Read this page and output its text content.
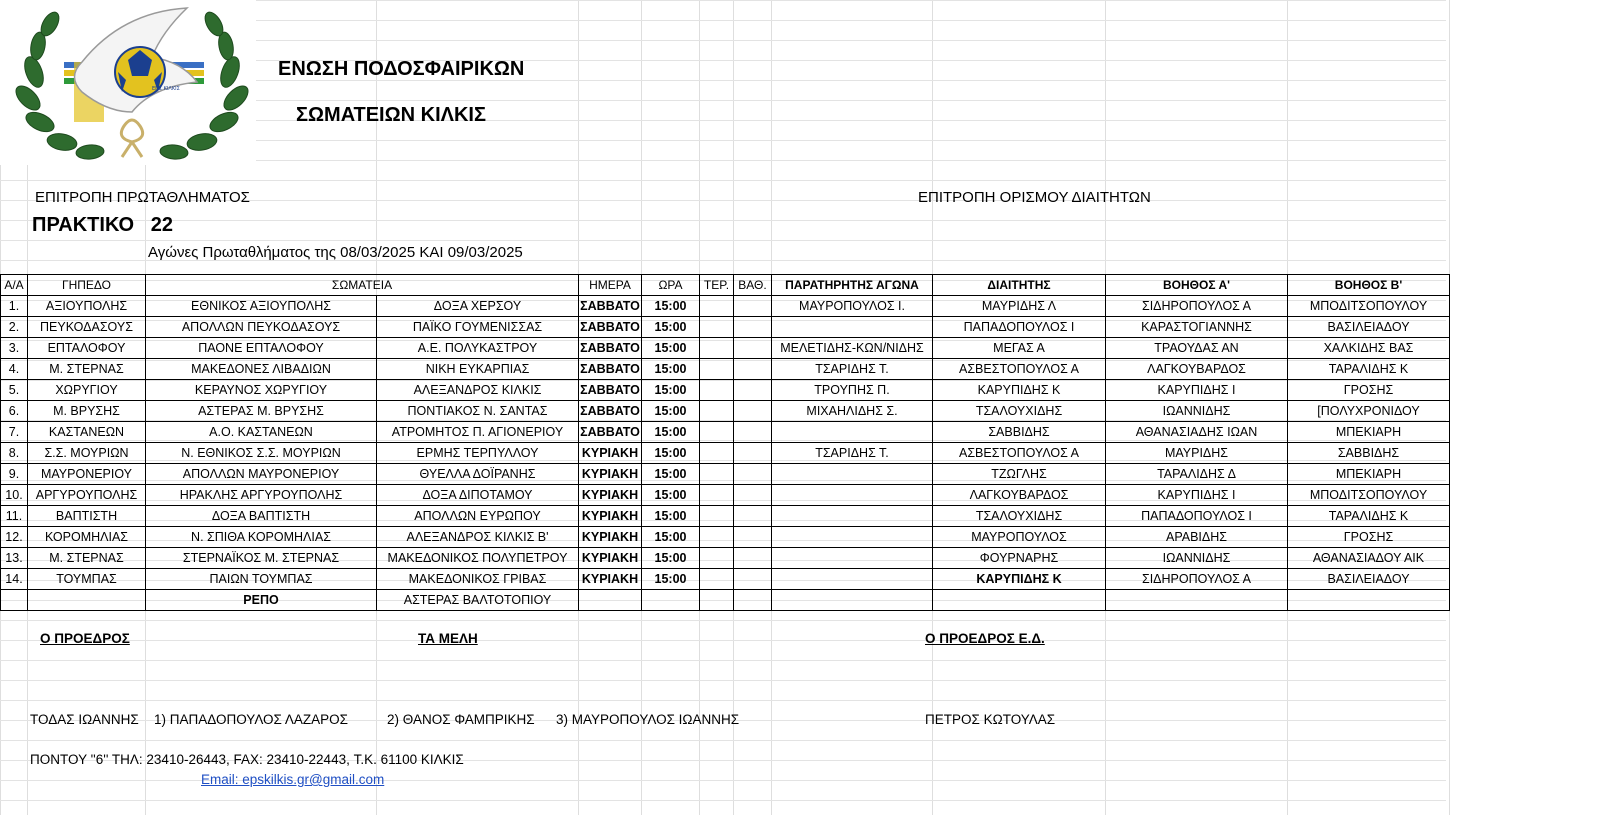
ΕΠΣ ΚΙΛΚΙΣ
ΕΝΩΣΗ ΠΟΔΟΣΦΑΙΡΙΚΩΝ
ΣΩΜΑΤΕΙΩΝ ΚΙΛΚΙΣ
ΕΠΙΤΡΟΠΗ ΠΡΩΤΑΘΛΗΜΑΤΟΣ	ΕΠΙΤΡΟΠΗ ΟΡΙΣΜΟΥ ΔΙΑΙΤΗΤΩΝ
ΠΡΑΚΤΙΚΟ 22
Αγώνες Πρωταθλήματος της 08/03/2025 ΚΑΙ 09/03/2025
Α/Α	ΓΗΠΕΔΟ	ΣΩΜΑΤΕΙΑ		ΗΜΕΡΑ	ΩΡΑ	ΤΕΡ.	ΒΑΘ.	ΠΑΡΑΤΗΡΗΤΗΣ ΑΓΩΝΑ	ΔΙΑΙΤΗΤΗΣ	ΒΟΗΘΟΣ Α'	ΒΟΗΘΟΣ Β'
1.	ΑΞΙΟΥΠΟΛΗΣ	ΕΘΝΙΚΟΣ ΑΞΙΟΥΠΟΛΗΣ	ΔΟΞΑ ΧΕΡΣΟΥ	ΣΑΒΒΑΤΟ	15:00			ΜΑΥΡΟΠΟΥΛΟΣ Ι.	ΜΑΥΡΙΔΗΣ Λ	ΣΙΔΗΡΟΠΟΥΛΟΣ Α	ΜΠΟΔΙΤΣΟΠΟΥΛΟΥ
2.	ΠΕΥΚΟΔΑΣΟΥΣ	ΑΠΟΛΛΩΝ ΠΕΥΚΟΔΑΣΟΥΣ	ΠΑΪΚΟ ΓΟΥΜΕΝΙΣΣΑΣ	ΣΑΒΒΑΤΟ	15:00				ΠΑΠΑΔΟΠΟΥΛΟΣ Ι	ΚΑΡΑΣΤΟΓΙΑΝΝΗΣ	ΒΑΣΙΛΕΙΑΔΟΥ
3.	ΕΠΤΑΛΟΦΟΥ	ΠΑΟΝΕ ΕΠΤΑΛΟΦΟΥ	Α.Ε. ΠΟΛΥΚΑΣΤΡΟΥ	ΣΑΒΒΑΤΟ	15:00			ΜΕΛΕΤΙΔΗΣ-ΚΩΝ/ΝΙΔΗΣ	ΜΕΓΑΣ Α	ΤΡΑΟΥΔΑΣ ΑΝ	ΧΑΛΚΙΔΗΣ ΒΑΣ
4.	Μ. ΣΤΕΡΝΑΣ	ΜΑΚΕΔΟΝΕΣ ΛΙΒΑΔΙΩΝ	ΝΙΚΗ ΕΥΚΑΡΠΙΑΣ	ΣΑΒΒΑΤΟ	15:00			ΤΣΑΡΙΔΗΣ Τ.	ΑΣΒΕΣΤΟΠΟΥΛΟΣ Α	ΛΑΓΚΟΥΒΑΡΔΟΣ	ΤΑΡΑΛΙΔΗΣ Κ
5.	ΧΩΡΥΓΙΟΥ	ΚΕΡΑΥΝΟΣ ΧΩΡΥΓΙΟΥ	ΑΛΕΞΑΝΔΡΟΣ ΚΙΛΚΙΣ	ΣΑΒΒΑΤΟ	15:00			ΤΡΟΥΠΗΣ Π.	ΚΑΡΥΠΙΔΗΣ Κ	ΚΑΡΥΠΙΔΗΣ Ι	ΓΡΟΣΗΣ
6.	Μ. ΒΡΥΣΗΣ	ΑΣΤΕΡΑΣ Μ. ΒΡΥΣΗΣ	ΠΟΝΤΙΑΚΟΣ Ν. ΣΑΝΤΑΣ	ΣΑΒΒΑΤΟ	15:00			ΜΙΧΑΗΛΙΔΗΣ Σ.	ΤΣΑΛΟΥΧΙΔΗΣ	ΙΩΑΝΝΙΔΗΣ	[ΠΟΛΥΧΡΟΝΙΔΟΥ
7.	ΚΑΣΤΑΝΕΩΝ	Α.Ο. ΚΑΣΤΑΝΕΩΝ	ΑΤΡΟΜΗΤΟΣ Π. ΑΓΙΟΝΕΡΙΟΥ	ΣΑΒΒΑΤΟ	15:00				ΣΑΒΒΙΔΗΣ	ΑΘΑΝΑΣΙΑΔΗΣ ΙΩΑΝ	ΜΠΕΚΙΑΡΗ
8.	Σ.Σ. ΜΟΥΡΙΩΝ	Ν. ΕΘΝΙΚΟΣ Σ.Σ. ΜΟΥΡΙΩΝ	ΕΡΜΗΣ ΤΕΡΠΥΛΛΟΥ	ΚΥΡΙΑΚΗ	15:00			ΤΣΑΡΙΔΗΣ Τ.	ΑΣΒΕΣΤΟΠΟΥΛΟΣ Α	ΜΑΥΡΙΔΗΣ	ΣΑΒΒΙΔΗΣ
9.	ΜΑΥΡΟΝΕΡΙΟΥ	ΑΠΟΛΛΩΝ ΜΑΥΡΟΝΕΡΙΟΥ	ΘΥΕΛΛΑ ΔΟΪΡΑΝΗΣ	ΚΥΡΙΑΚΗ	15:00				ΤΖΩΓΛΗΣ	ΤΑΡΑΛΙΔΗΣ Δ	ΜΠΕΚΙΑΡΗ
10.	ΑΡΓΥΡΟΥΠΟΛΗΣ	ΗΡΑΚΛΗΣ ΑΡΓΥΡΟΥΠΟΛΗΣ	ΔΟΞΑ ΔΙΠΟΤΑΜΟΥ	ΚΥΡΙΑΚΗ	15:00				ΛΑΓΚΟΥΒΑΡΔΟΣ	ΚΑΡΥΠΙΔΗΣ Ι	ΜΠΟΔΙΤΣΟΠΟΥΛΟΥ
11.	ΒΑΠΤΙΣΤΗ	ΔΟΞΑ ΒΑΠΤΙΣΤΗ	ΑΠΟΛΛΩΝ ΕΥΡΩΠΟΥ	ΚΥΡΙΑΚΗ	15:00				ΤΣΑΛΟΥΧΙΔΗΣ	ΠΑΠΑΔΟΠΟΥΛΟΣ Ι	ΤΑΡΑΛΙΔΗΣ Κ
12.	ΚΟΡΟΜΗΛΙΑΣ	Ν. ΣΠΙΘΑ ΚΟΡΟΜΗΛΙΑΣ	ΑΛΕΞΑΝΔΡΟΣ ΚΙΛΚΙΣ Β'	ΚΥΡΙΑΚΗ	15:00				ΜΑΥΡΟΠΟΥΛΟΣ	ΑΡΑΒΙΔΗΣ	ΓΡΟΣΗΣ
13.	Μ. ΣΤΕΡΝΑΣ	ΣΤΕΡΝΑΪΚΟΣ Μ. ΣΤΕΡΝΑΣ	ΜΑΚΕΔΟΝΙΚΟΣ ΠΟΛΥΠΕΤΡΟΥ	ΚΥΡΙΑΚΗ	15:00				ΦΟΥΡΝΑΡΗΣ	ΙΩΑΝΝΙΔΗΣ	ΑΘΑΝΑΣΙΑΔΟΥ ΑΙΚ
14.	ΤΟΥΜΠΑΣ	ΠΑΙΩΝ ΤΟΥΜΠΑΣ	ΜΑΚΕΔΟΝΙΚΟΣ ΓΡΙΒΑΣ	ΚΥΡΙΑΚΗ	15:00				ΚΑΡΥΠΙΔΗΣ Κ	ΣΙΔΗΡΟΠΟΥΛΟΣ Α	ΒΑΣΙΛΕΙΑΔΟΥ
		ΡΕΠΟ	ΑΣΤΕΡΑΣ ΒΑΛΤΟΤΟΠΙΟΥ								
Ο ΠΡΟΕΔΡΟΣ	ΤΑ ΜΕΛΗ	Ο ΠΡΟΕΔΡΟΣ Ε.Δ.
ΤΟΔΑΣ ΙΩΑΝΝΗΣ 1) ΠΑΠΑΔΟΠΟΥΛΟΣ ΛΑΖΑΡΟΣ	2) ΘΑΝΟΣ ΦΑΜΠΡΙΚΗΣ 3) ΜΑΥΡΟΠΟΥΛΟΣ ΙΩΑΝΝΗΣ	ΠΕΤΡΟΣ ΚΩΤΟΥΛΑΣ
ΠΟΝΤΟΥ ''6'' ΤΗΛ: 23410-26443, FAX: 23410-22443, Τ.Κ. 61100 ΚΙΛΚΙΣ
Email: epskilkis.gr@gmail.com
